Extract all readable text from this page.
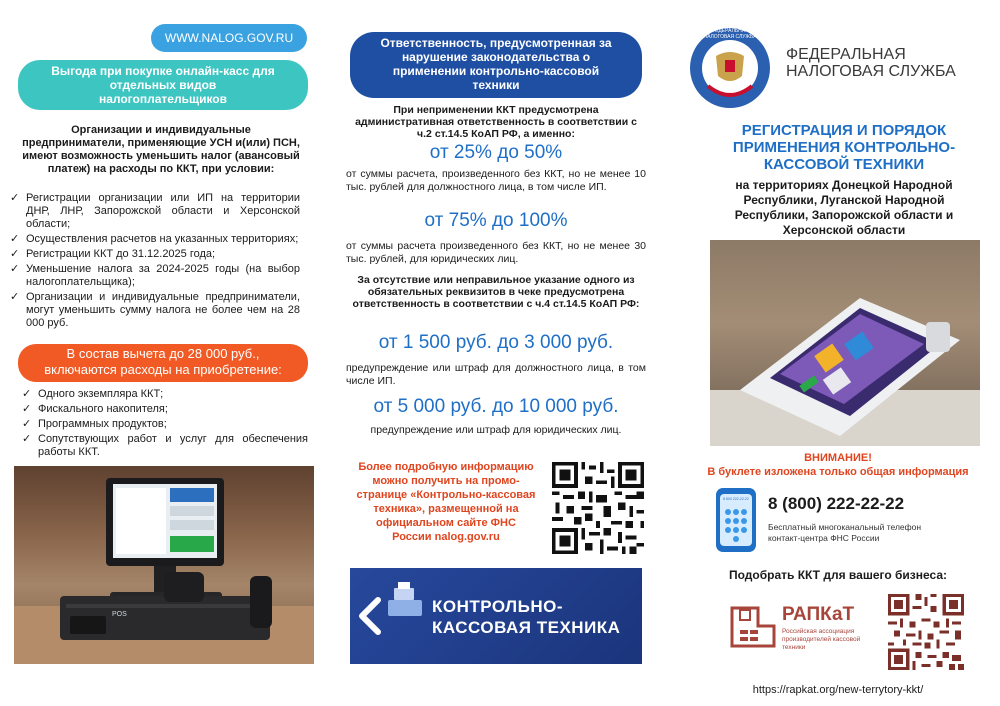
WWW.NALOG.GOV.RU
Выгода при покупке онлайн-касс для отдельных видов налогоплательщиков
Организации и индивидуальные предприниматели, применяющие УСН и(или) ПСН, имеют возможность уменьшить налог (авансовый платеж) на расходы по ККТ, при условии:
✓ Регистрации организации или ИП на территории ДНР, ЛНР, Запорожской области и Херсонской области;
✓ Осуществления расчетов на указанных территориях;
✓ Регистрации ККТ до 31.12.2025 года;
✓ Уменьшение налога за 2024-2025 годы (на выбор налогоплательщика);
✓ Организации и индивидуальные предприниматели, могут уменьшить сумму налога не более чем на 28 000 руб.
В состав вычета до 28 000 руб., включаются расходы на приобретение:
✓ Одного экземпляра ККТ;
✓ Фискального накопителя;
✓ Программных продуктов;
✓ Сопутствующих работ и услуг для обеспечения работы ККТ.
POS
Ответственность, предусмотренная за нарушение законодательства о применении контрольно-кассовой техники
При неприменении ККТ предусмотрена административная ответственность в соответствии с ч.2 ст.14.5 КоАП РФ, а именно:
от 25% до 50%
от суммы расчета, произведенного без ККТ, но не менее 10 тыс. рублей для должностного лица, в том числе ИП.
от 75% до 100%
от суммы расчета произведенного без ККТ, но не менее 30 тыс. рублей, для юридических лиц.
За отсутствие или неправильное указание одного из обязательных реквизитов в чеке предусмотрена ответственность в соответствии с ч.4 ст.14.5 КоАП РФ:
от 1 500 руб. до 3 000 руб.
предупреждение или штраф для должностного лица, в том числе ИП.
от 5 000 руб. до 10 000 руб.
предупреждение или штраф для юридических лиц.
Более подробную информацию можно получить на промо-странице «Контрольно-кассовая техника», размещенной на официальном сайте ФНС России nalog.gov.ru
КОНТРОЛЬНО-КАССОВАЯ ТЕХНИКА
ФЕДЕРАЛЬНАЯ НАЛОГОВАЯ СЛУЖБА
ФЕДЕРАЛЬНАЯ
НАЛОГОВАЯ СЛУЖБА
РЕГИСТРАЦИЯ И ПОРЯДОК ПРИМЕНЕНИЯ КОНТРОЛЬНО-КАССОВОЙ ТЕХНИКИ
на территориях Донецкой Народной Республики, Луганской Народной Республики, Запорожской области и Херсонской области
ВНИМАНИЕ!
В буклете изложена только общая информация
8 800 222-22-22 8 (800) 222-22-22
Бесплатный многоканальный телефон контакт-центра ФНС России
Подобрать ККТ для вашего бизнеса:
РАПКаТ
Российская ассоциация производителей кассовой техники
https://rapkat.org/new-terrytory-kkt/
